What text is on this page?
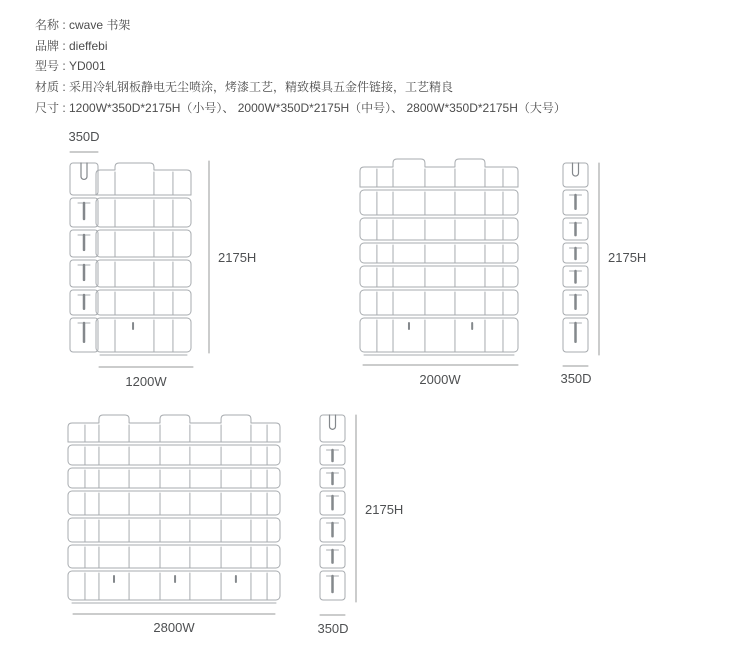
名称 : cwave 书架
品牌 : dieffebi
型号 : YD001
材质 : 采用冷轧钢板静电无尘喷涂，烤漆工艺，精致模具五金件链接，工艺精良
尺寸 : 1200W*350D*2175H（小号）、 2000W*350D*2175H（中号）、 2800W*350D*2175H（大号）
350D
1200W
2175H
2000W	350D
2175H
2800W	350D
2175H
